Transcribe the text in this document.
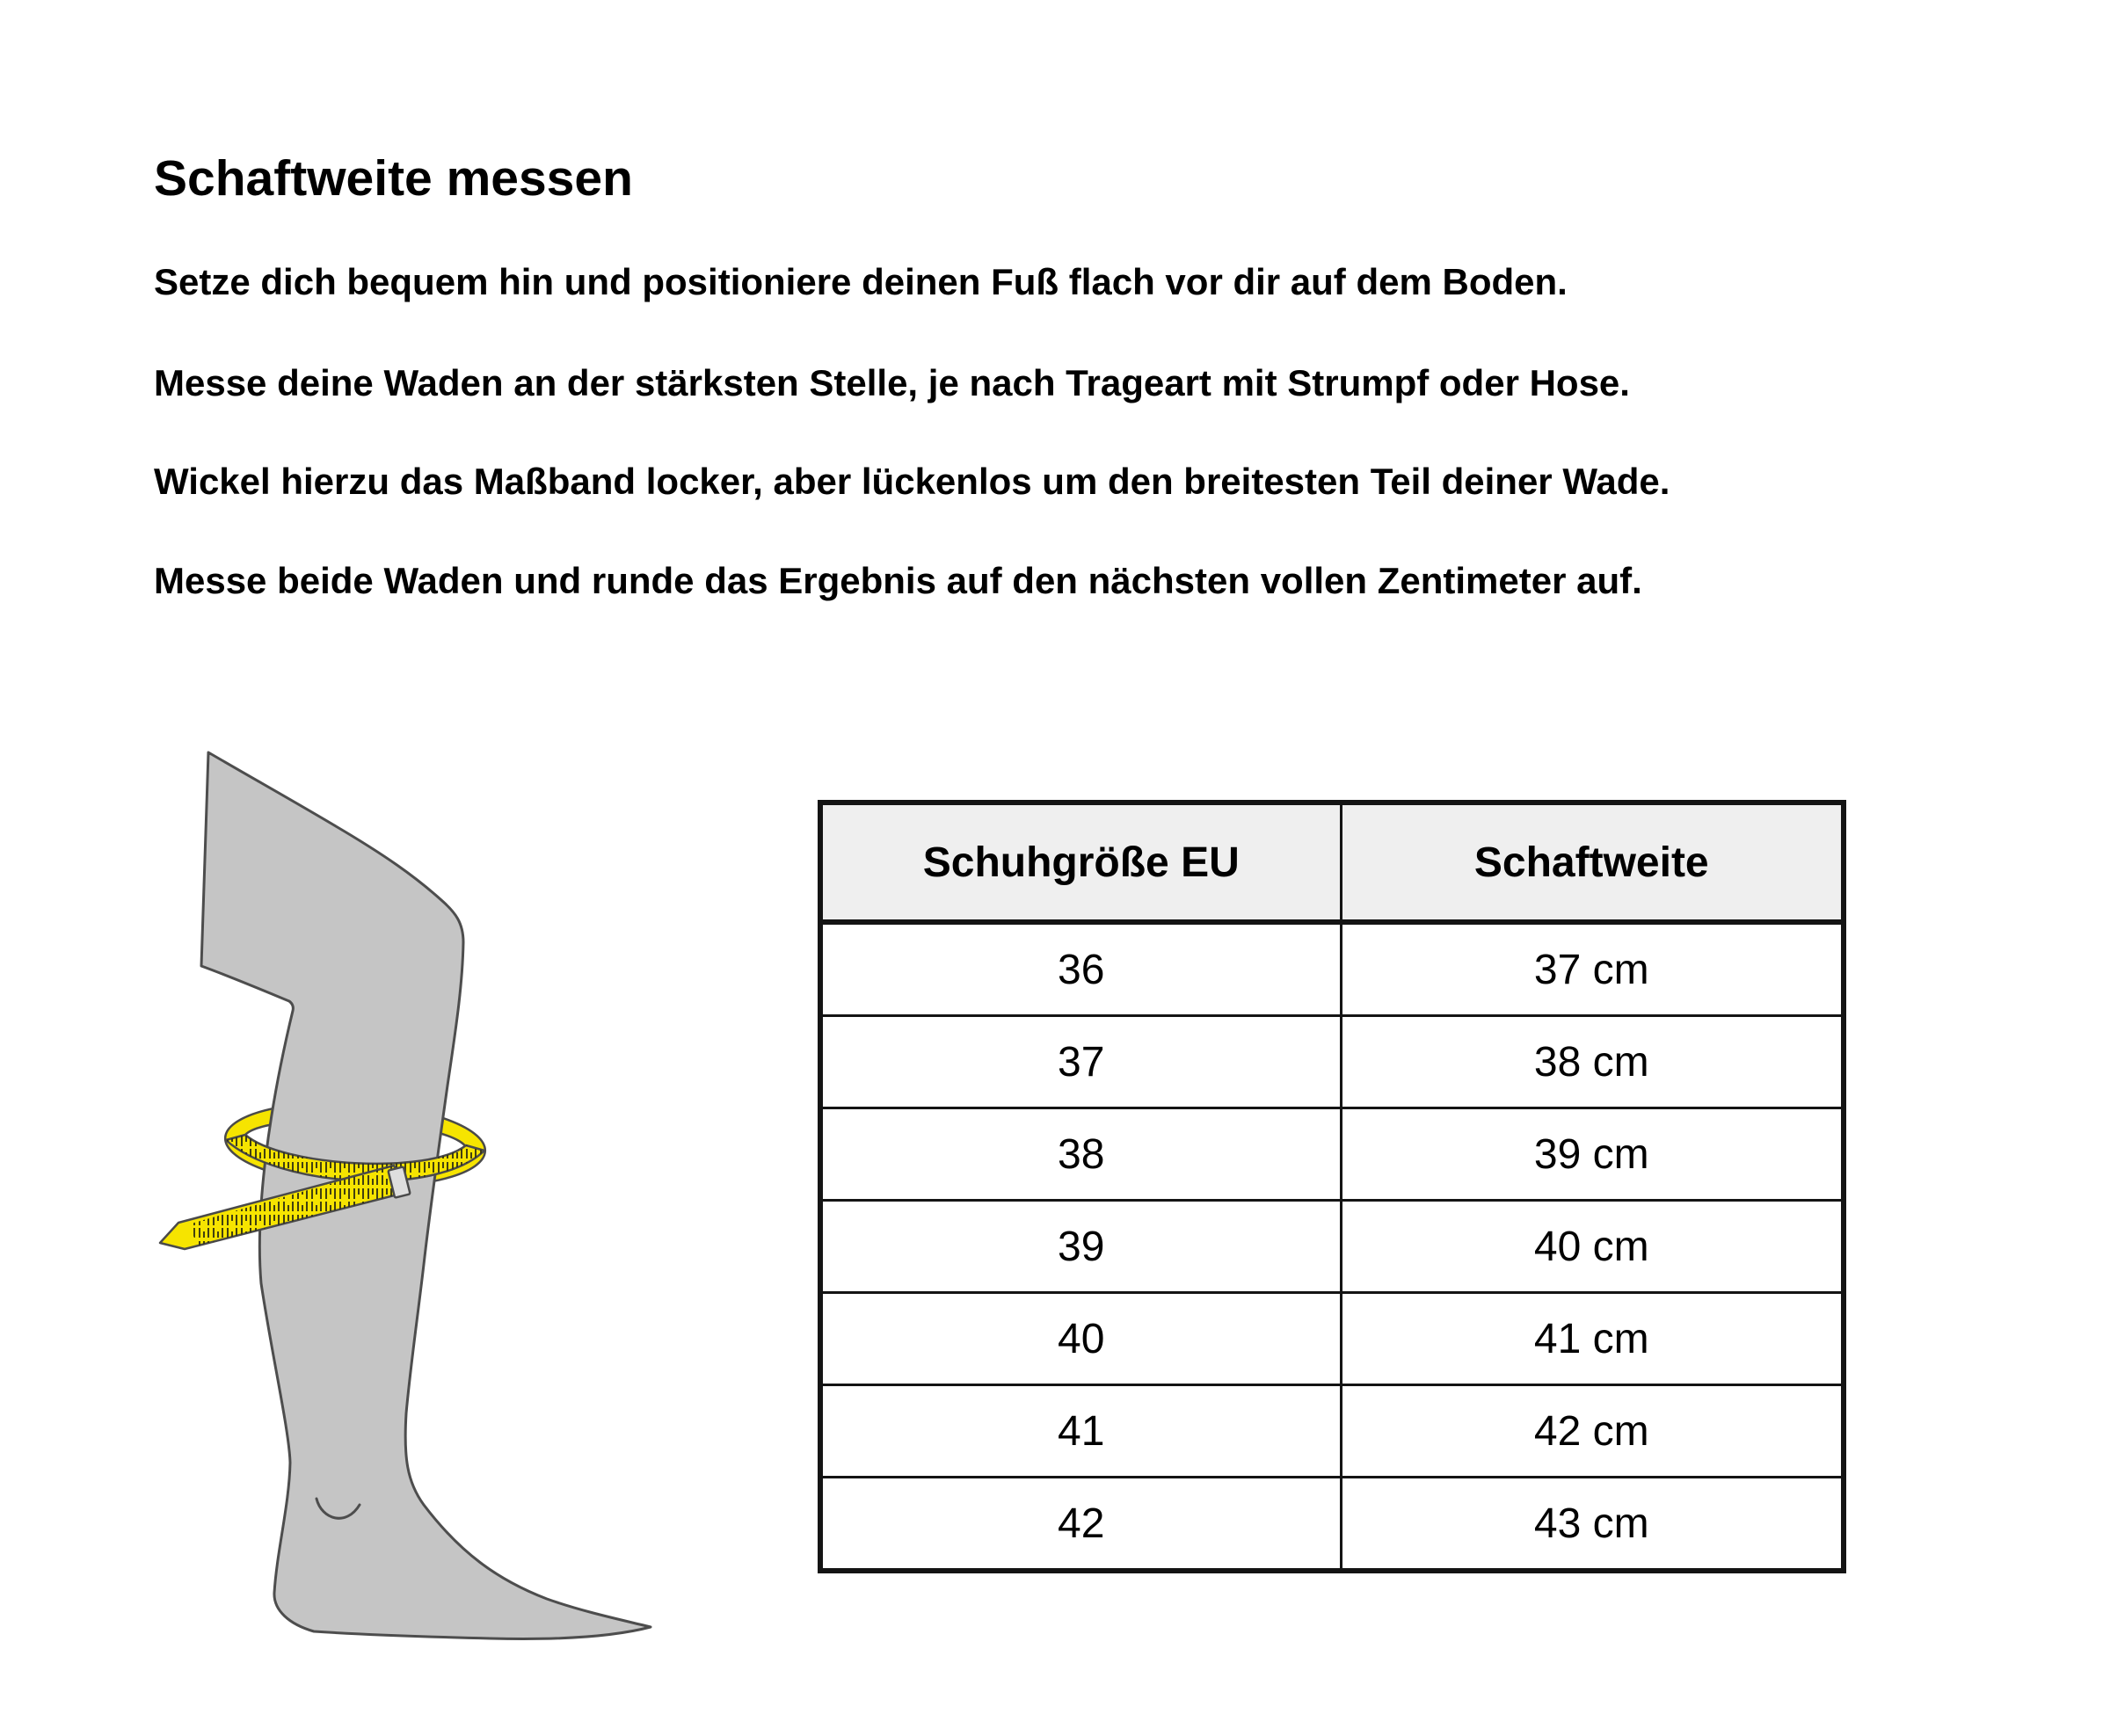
Schaftweite messen
Setze dich bequem hin und positioniere deinen Fuß flach vor dir auf dem Boden.
Messe deine Waden an der stärksten Stelle, je nach Trageart mit Strumpf oder Hose.
Wickel hierzu das Maßband locker, aber lückenlos um den breitesten Teil deiner Wade.
Messe beide Waden und runde das Ergebnis auf den nächsten vollen Zentimeter auf.
Schuhgröße EU	Schaftweite
36	37 cm
37	38 cm
38	39 cm
39	40 cm
40	41 cm
41	42 cm
42	43 cm
